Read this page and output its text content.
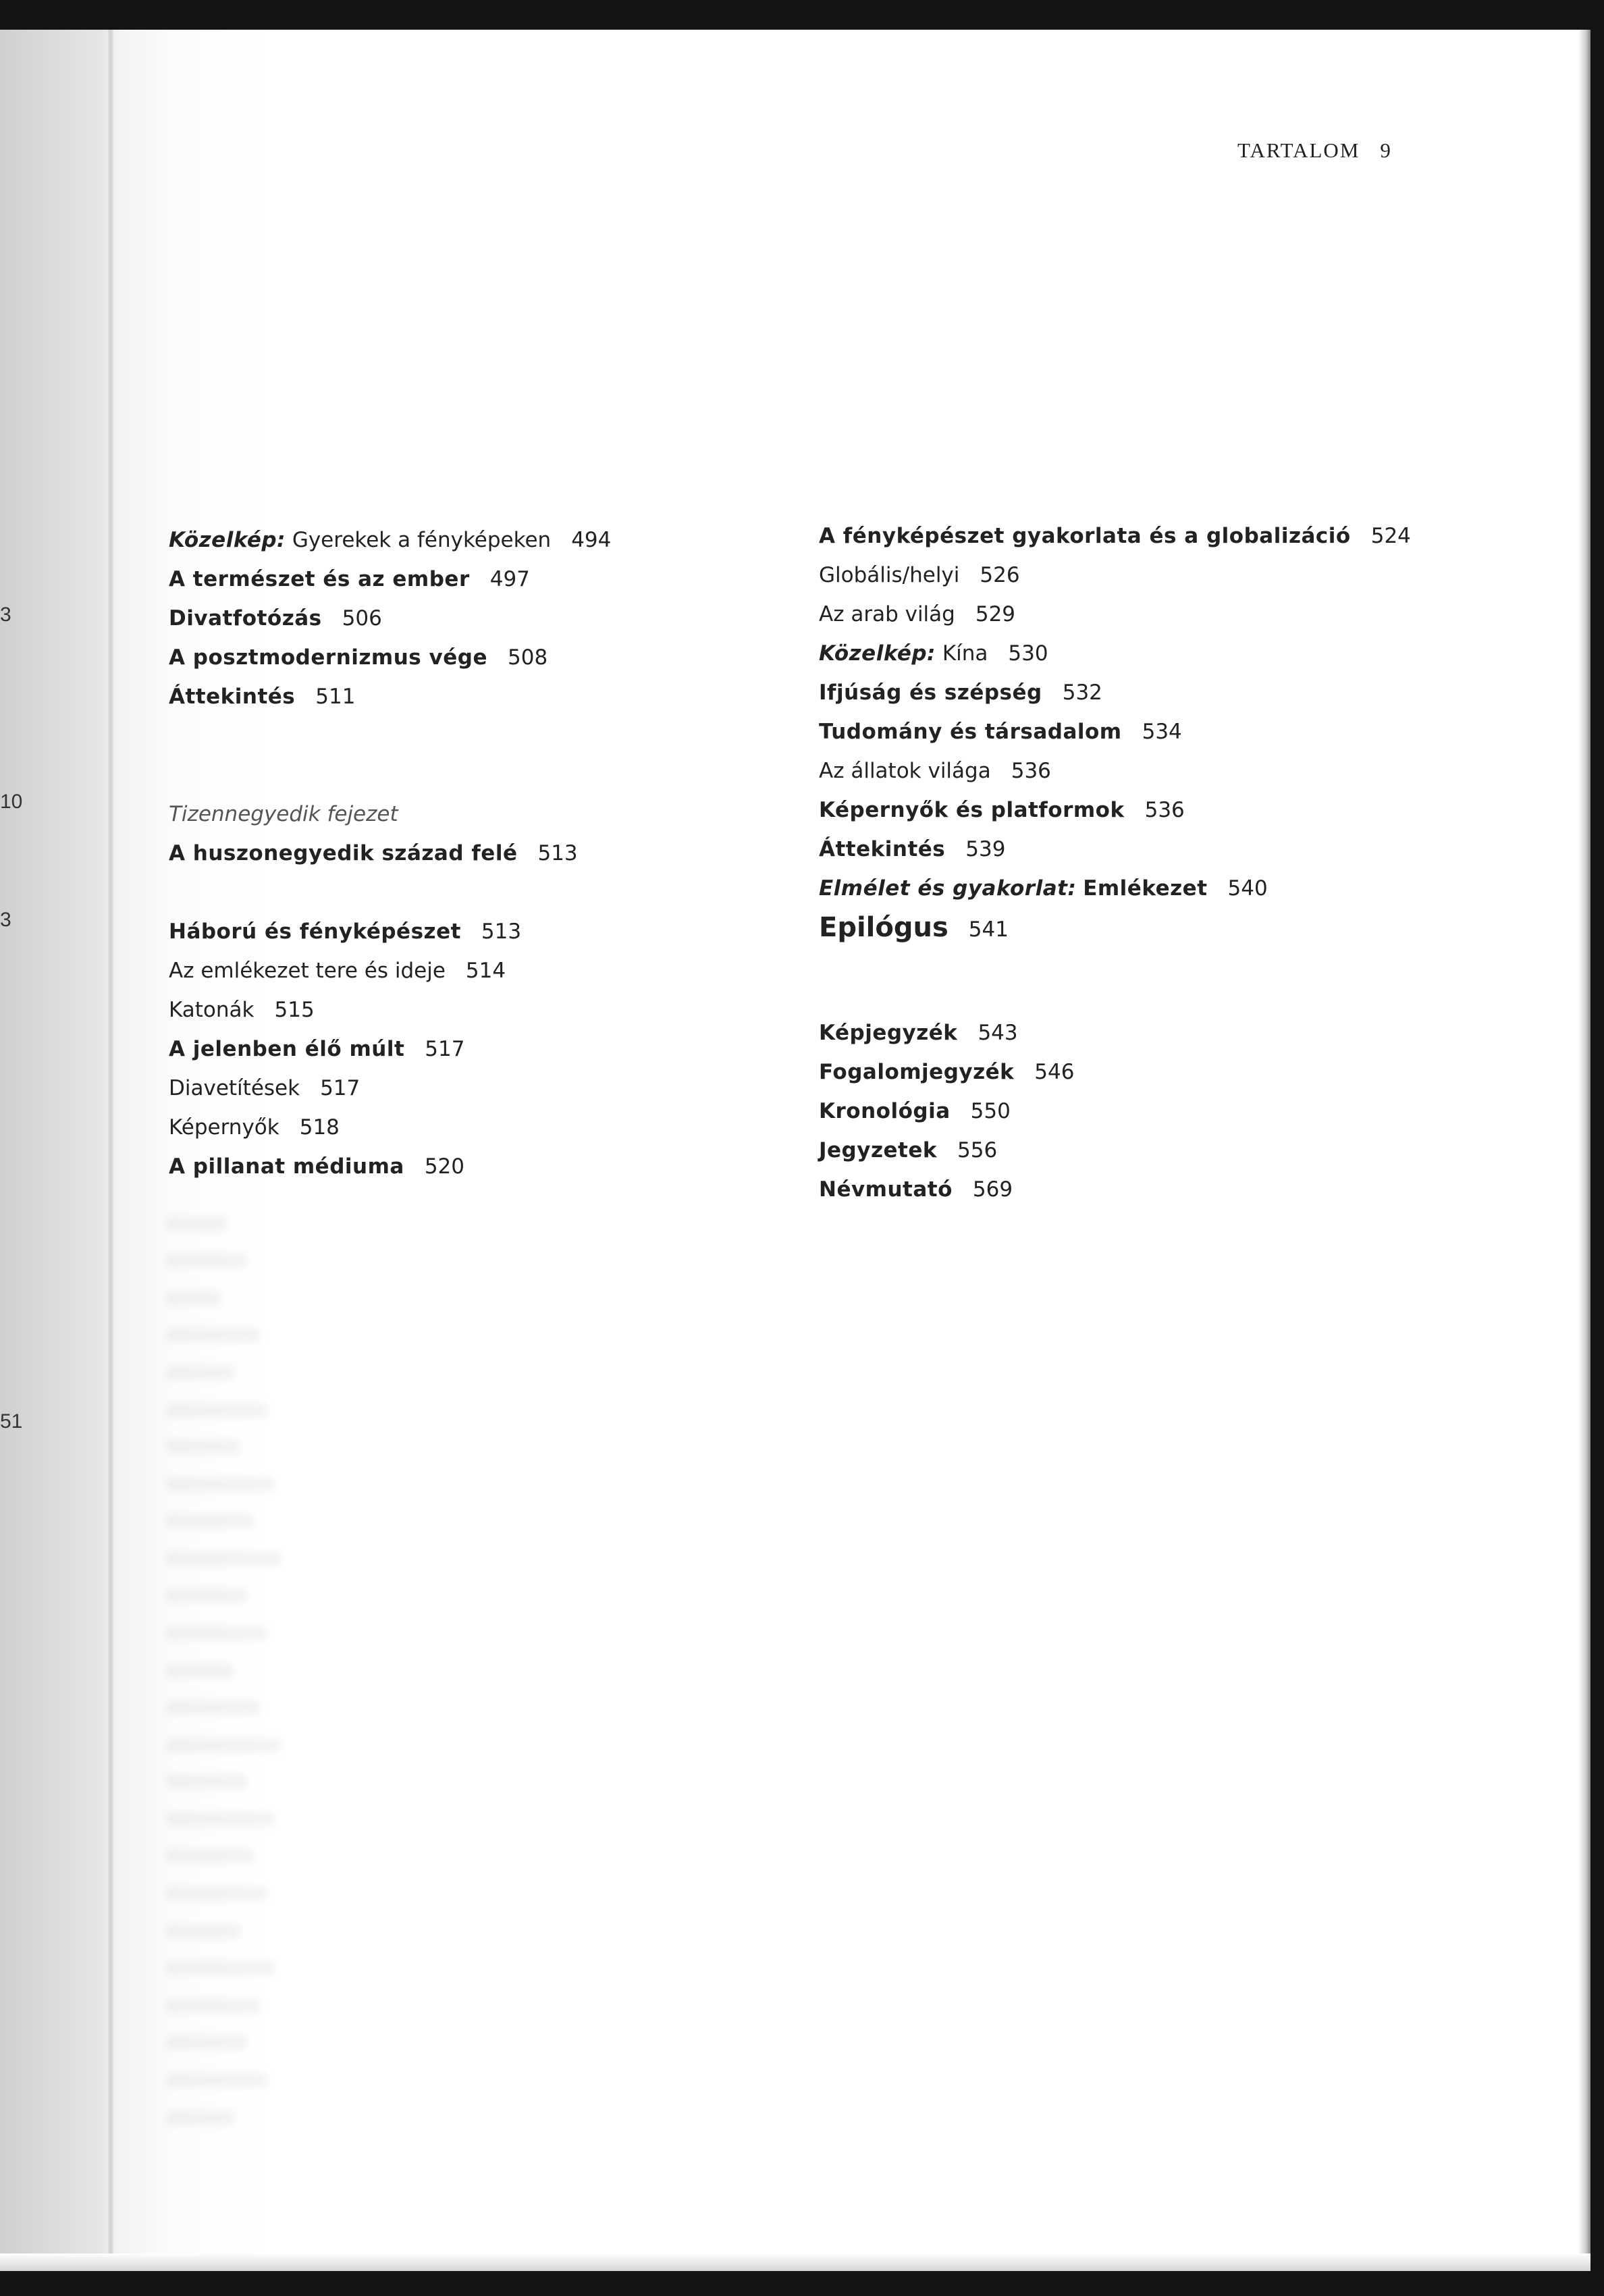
3
10
3
51
TARTALOM 9
Közelkép: Gyerekek a fényképeken 494
A természet és az ember 497
Divatfotózás 506
A posztmodernizmus vége 508
Áttekintés 511
Tizennegyedik fejezet
A huszonegyedik század felé 513
Háború és fényképészet 513
Az emlékezet tere és ideje 514
Katonák 515
A jelenben élő múlt 517
Diavetítések 517
Képernyők 518
A pillanat médiuma 520
A fényképészet gyakorlata és a globalizáció 524
Globális/helyi 526
Az arab világ 529
Közelkép: Kína 530
Ifjúság és szépség 532
Tudomány és társadalom 534
Az állatok világa 536
Képernyők és platformok 536
Áttekintés 539
Elmélet és gyakorlat: Emlékezet 540
Epilógus 541
Képjegyzék 543
Fogalomjegyzék 546
Kronológia 550
Jegyzetek 556
Névmutató 569
